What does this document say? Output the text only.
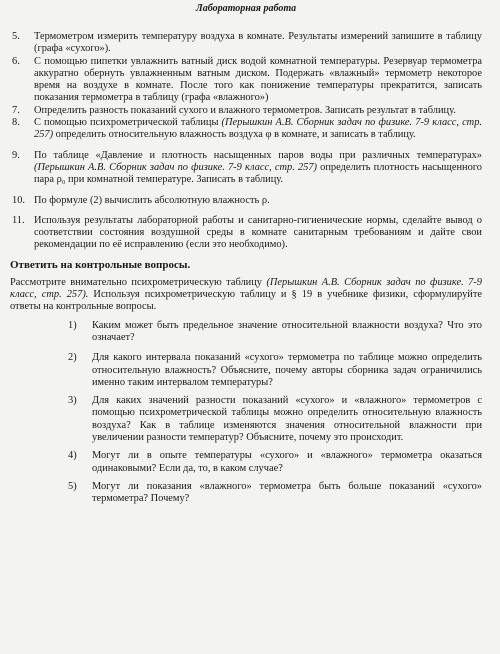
Лабораторная работа
5. Термометром измерить температуру воздуха в комнате. Результаты измерений запишите в таблицу (графа «сухого»).
6. С помощью пипетки увлажнить ватный диск водой комнатной температуры. Резервуар термометра аккуратно обернуть увлажненным ватным диском. Подержать «влажный» термометр некоторое время на воздухе в комнате. После того как понижение температуры прекратится, записать показания термометра в таблицу (графа «влажного»)
7. Определить разность показаний сухого и влажного термометров. Записать результат в таблицу.
8. С помощью психрометрической таблицы (Перышкин А.В. Сборник задач по физике. 7-9 класс, стр. 257) определить относительную влажность воздуха φ в комнате, и записать в таблицу.
9. По таблице «Давление и плотность насыщенных паров воды при различных температурах» (Перышкин А.В. Сборник задач по физике. 7-9 класс, стр. 257) определить плотность насыщенного пара ρ₀ при комнатной температуре. Записать в таблицу.
10. По формуле (2) вычислить абсолютную влажность ρ.
11. Используя результаты лабораторной работы и санитарно-гигиенические нормы, сделайте вывод о соответствии состояния воздушной среды в комнате санитарным требованиям и дайте свои рекомендации по её исправлению (если это необходимо).
Ответить на контрольные вопросы.
Рассмотрите внимательно психрометрическую таблицу (Перышкин А.В. Сборник задач по физике. 7-9 класс, стр. 257). Используя психрометрическую таблицу и § 19 в учебнике физики, сформулируйте ответы на контрольные вопросы.
1) Каким может быть предельное значение относительной влажности воздуха? Что это означает?
2) Для какого интервала показаний «сухого» термометра по таблице можно определить относительную влажность? Объясните, почему авторы сборника задач ограничились именно таким интервалом температуры?
3) Для каких значений разности показаний «сухого» и «влажного» термометров с помощью психрометрической таблицы можно определить относительную влажность воздуха? Как в таблице изменяются значения относительной влажности при увеличении разности температур? Объясните, почему это происходит.
4) Могут ли в опыте температуры «сухого» и «влажного» термометра оказаться одинаковыми? Если да, то, в каком случае?
5) Могут ли показания «влажного» термометра быть больше показаний «сухого» термометра? Почему?
